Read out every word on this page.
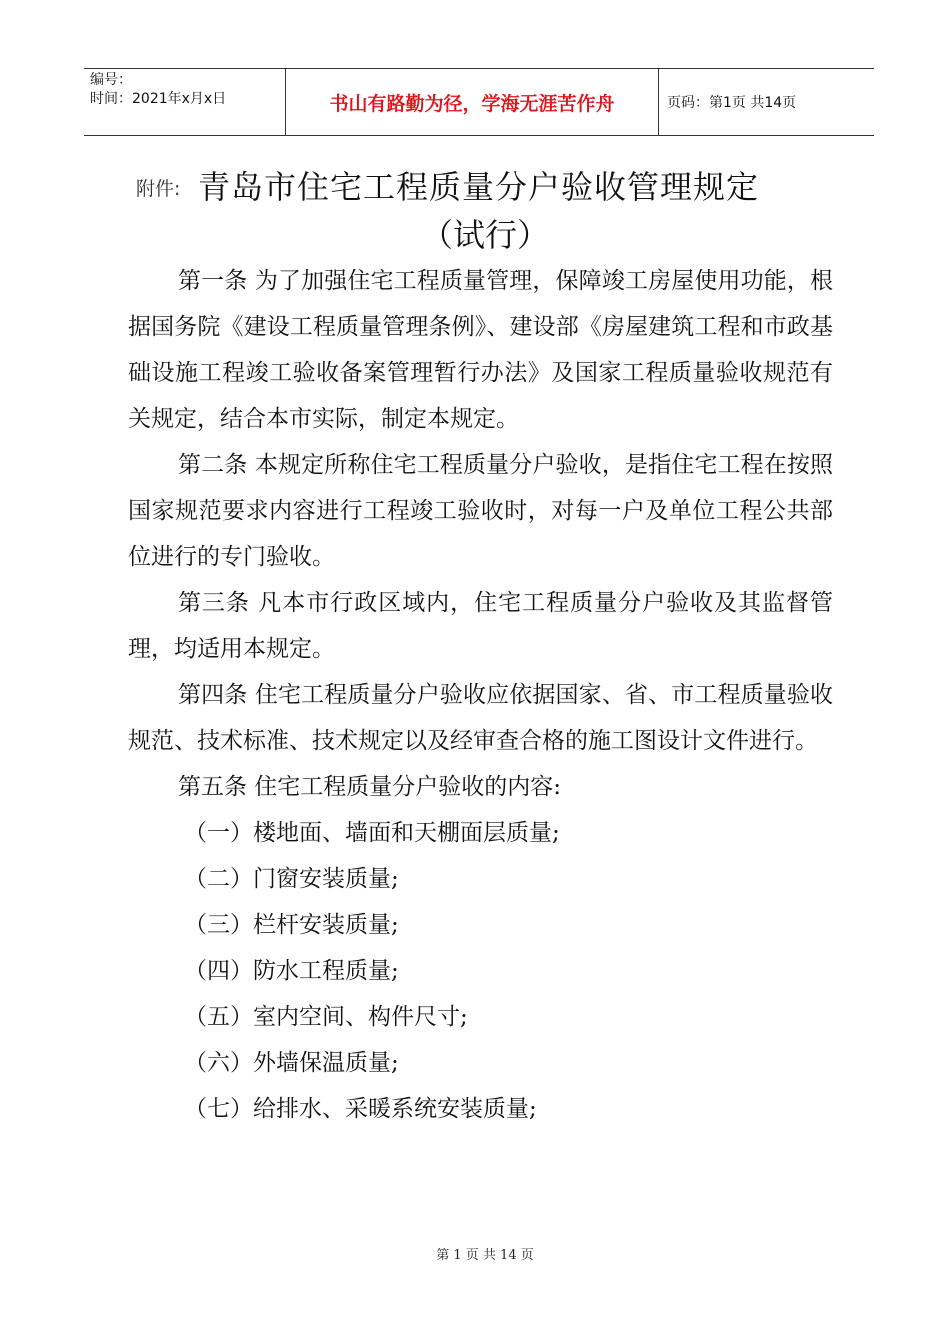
编号：
时间：2021年x月x日	书山有路勤为径，学海无涯苦作舟	页码：第1页 共14页
附件: 青岛市住宅工程质量分户验收管理规定
（试行）

第一条 为了加强住宅工程质量管理，保障竣工房屋使用功能，根据国务院《建设工程质量管理条例》、建设部《房屋建筑工程和市政基础设施工程竣工验收备案管理暂行办法》及国家工程质量验收规范有关规定，结合本市实际，制定本规定。

第二条 本规定所称住宅工程质量分户验收，是指住宅工程在按照国家规范要求内容进行工程竣工验收时，对每一户及单位工程公共部位进行的专门验收。

第三条 凡本市行政区域内，住宅工程质量分户验收及其监督管理，均适用本规定。

第四条 住宅工程质量分户验收应依据国家、省、市工程质量验收规范、技术标准、技术规定以及经审查合格的施工图设计文件进行。

第五条 住宅工程质量分户验收的内容:

（一）楼地面、墙面和天棚面层质量;

（二）门窗安装质量;

（三）栏杆安装质量;

（四）防水工程质量;

（五）室内空间、构件尺寸;

（六）外墙保温质量;

（七）给排水、采暖系统安装质量;

第 1 页 共 14 页
